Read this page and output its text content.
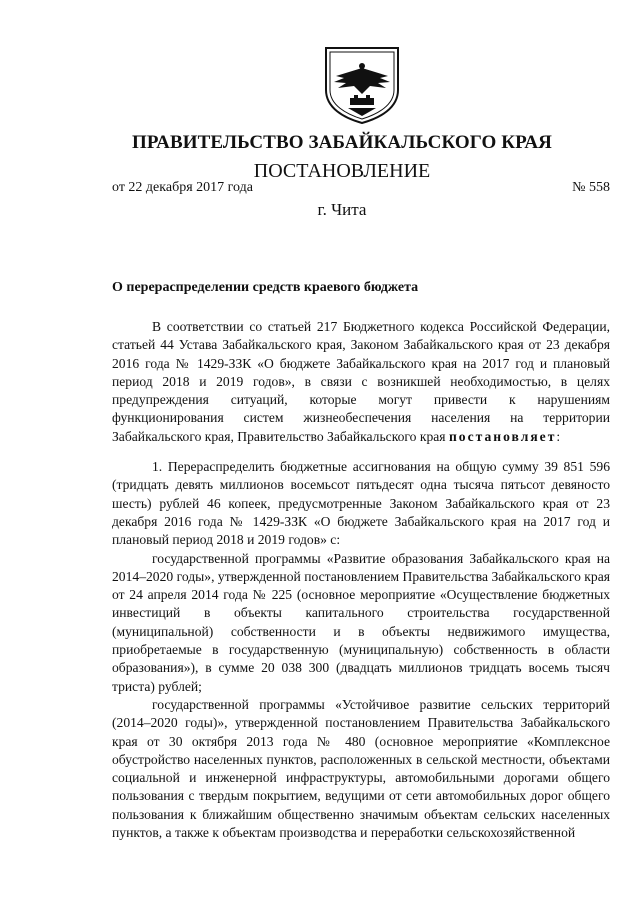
ПРАВИТЕЛЬСТВО ЗАБАЙКАЛЬСКОГО КРАЯ
ПОСТАНОВЛЕНИЕ
от 22 декабря 2017 года	№ 558
г. Чита
О перераспределении средств краевого бюджета

В соответствии со статьей 217 Бюджетного кодекса Российской Федерации, статьей 44 Устава Забайкальского края, Законом Забайкальского края от 23 декабря 2016 года № 1429-ЗЗК «О бюджете Забайкальского края на 2017 год и плановый период 2018 и 2019 годов», в связи с возникшей необходимостью, в целях предупреждения ситуаций, которые могут привести к нарушениям функционирования систем жизнеобеспечения населения на территории Забайкальского края, Правительство Забайкальского края постановляет:

1. Перераспределить бюджетные ассигнования на общую сумму 39 851 596 (тридцать девять миллионов восемьсот пятьдесят одна тысяча пятьсот девяносто шесть) рублей 46 копеек, предусмотренные Законом Забайкальского края от 23 декабря 2016 года № 1429-ЗЗК «О бюджете Забайкальского края на 2017 год и плановый период 2018 и 2019 годов» с:

государственной программы «Развитие образования Забайкальского края на 2014–2020 годы», утвержденной постановлением Правительства Забайкальского края от 24 апреля 2014 года № 225 (основное мероприятие «Осуществление бюджетных инвестиций в объекты капитального строительства государственной (муниципальной) собственности и в объекты недвижимого имущества, приобретаемые в государственную (муниципальную) собственность в области образования»), в сумме 20 038 300 (двадцать миллионов тридцать восемь тысяч триста) рублей;

государственной программы «Устойчивое развитие сельских территорий (2014–2020 годы)», утвержденной постановлением Правительства Забайкальского края от 30 октября 2013 года № 480 (основное мероприятие «Комплексное обустройство населенных пунктов, расположенных в сельской местности, объектами социальной и инженерной инфраструктуры, автомобильными дорогами общего пользования с твердым покрытием, ведущими от сети автомобильных дорог общего пользования к ближайшим общественно значимым объектам сельских населенных пунктов, а также к объектам производства и переработки сельскохозяйственной
